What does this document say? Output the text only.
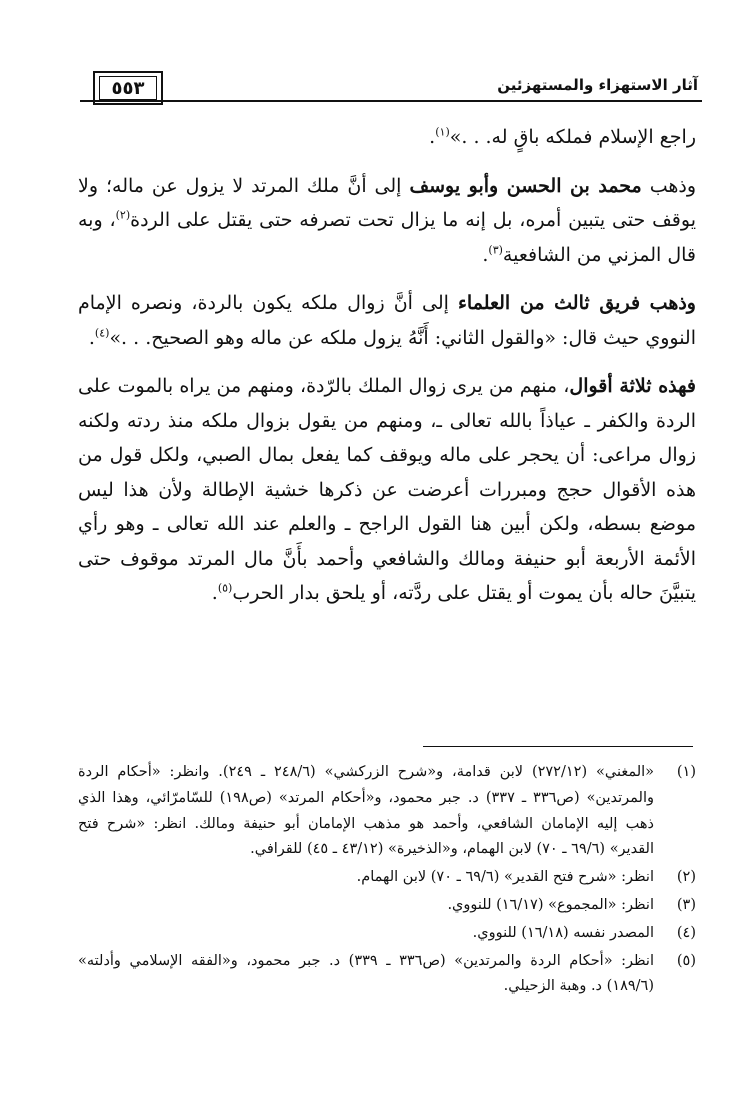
آثار الاستهزاء والمستهزئين
٥٥٣

راجع الإسلام فملكه باقٍ له. . .»$^{(١)}$.

وذهب محمد بن الحسن وأبو يوسف إلى أنَّ ملك المرتد لا يزول عن ماله؛ ولا يوقف حتى يتبين أمره، بل إنه ما يزال تحت تصرفه حتى يقتل على الردة$^{(٢)}$، وبه قال المزني من الشافعية$^{(٣)}$.

وذهب فريق ثالث من العلماء إلى أنَّ زوال ملكه يكون بالردة، ونصره الإمام النووي حيث قال: «والقول الثاني: أَنَّهُ يزول ملكه عن ماله وهو الصحيح. . .»$^{(٤)}$.

فهذه ثلاثة أقوال، منهم من يرى زوال الملك بالرّدة، ومنهم من يراه بالموت على الردة والكفر ـ عياذاً بالله تعالى ـ، ومنهم من يقول بزوال ملكه منذ ردته ولكنه زوال مراعى: أن يحجر على ماله ويوقف كما يفعل بمال الصبي، ولكل قول من هذه الأقوال حجج ومبررات أعرضت عن ذكرها خشية الإطالة ولأن هذا ليس موضع بسطه، ولكن أبين هنا القول الراجح ـ والعلم عند الله تعالى ـ وهو رأي الأئمة الأربعة أبو حنيفة ومالك والشافعي وأحمد بأَنَّ مال المرتد موقوف حتى يتبيَّنَ حاله بأن يموت أو يقتل على ردَّته، أو يلحق بدار الحرب$^{(٥)}$.

(١)
«المغني» (٢٧٢/١٢) لابن قدامة، و«شرح الزركشي» (٢٤٨/٦ ـ ٢٤٩). وانظر: «أحكام الردة والمرتدين» (ص٣٣٦ ـ ٣٣٧) د. جبر محمود، و«أحكام المرتد» (ص١٩٨) للسّامرّائي، وهذا الذي ذهب إليه الإمامان الشافعي، وأحمد هو مذهب الإمامان أبو حنيفة ومالك. انظر: «شرح فتح القدير» (٦٩/٦ ـ ٧٠) لابن الهمام، و«الذخيرة» (٤٣/١٢ ـ ٤٥) للقرافي.
(٢)
انظر: «شرح فتح القدير» (٦٩/٦ ـ ٧٠) لابن الهمام.
(٣)
انظر: «المجموع» (١٦/١٧) للنووي.
(٤)
المصدر نفسه (١٦/١٨) للنووي.
(٥)
انظر: «أحكام الردة والمرتدين» (ص٣٣٦ ـ ٣٣٩) د. جبر محمود، و«الفقه الإسلامي وأدلته» (١٨٩/٦) د. وهبة الزحيلي.
